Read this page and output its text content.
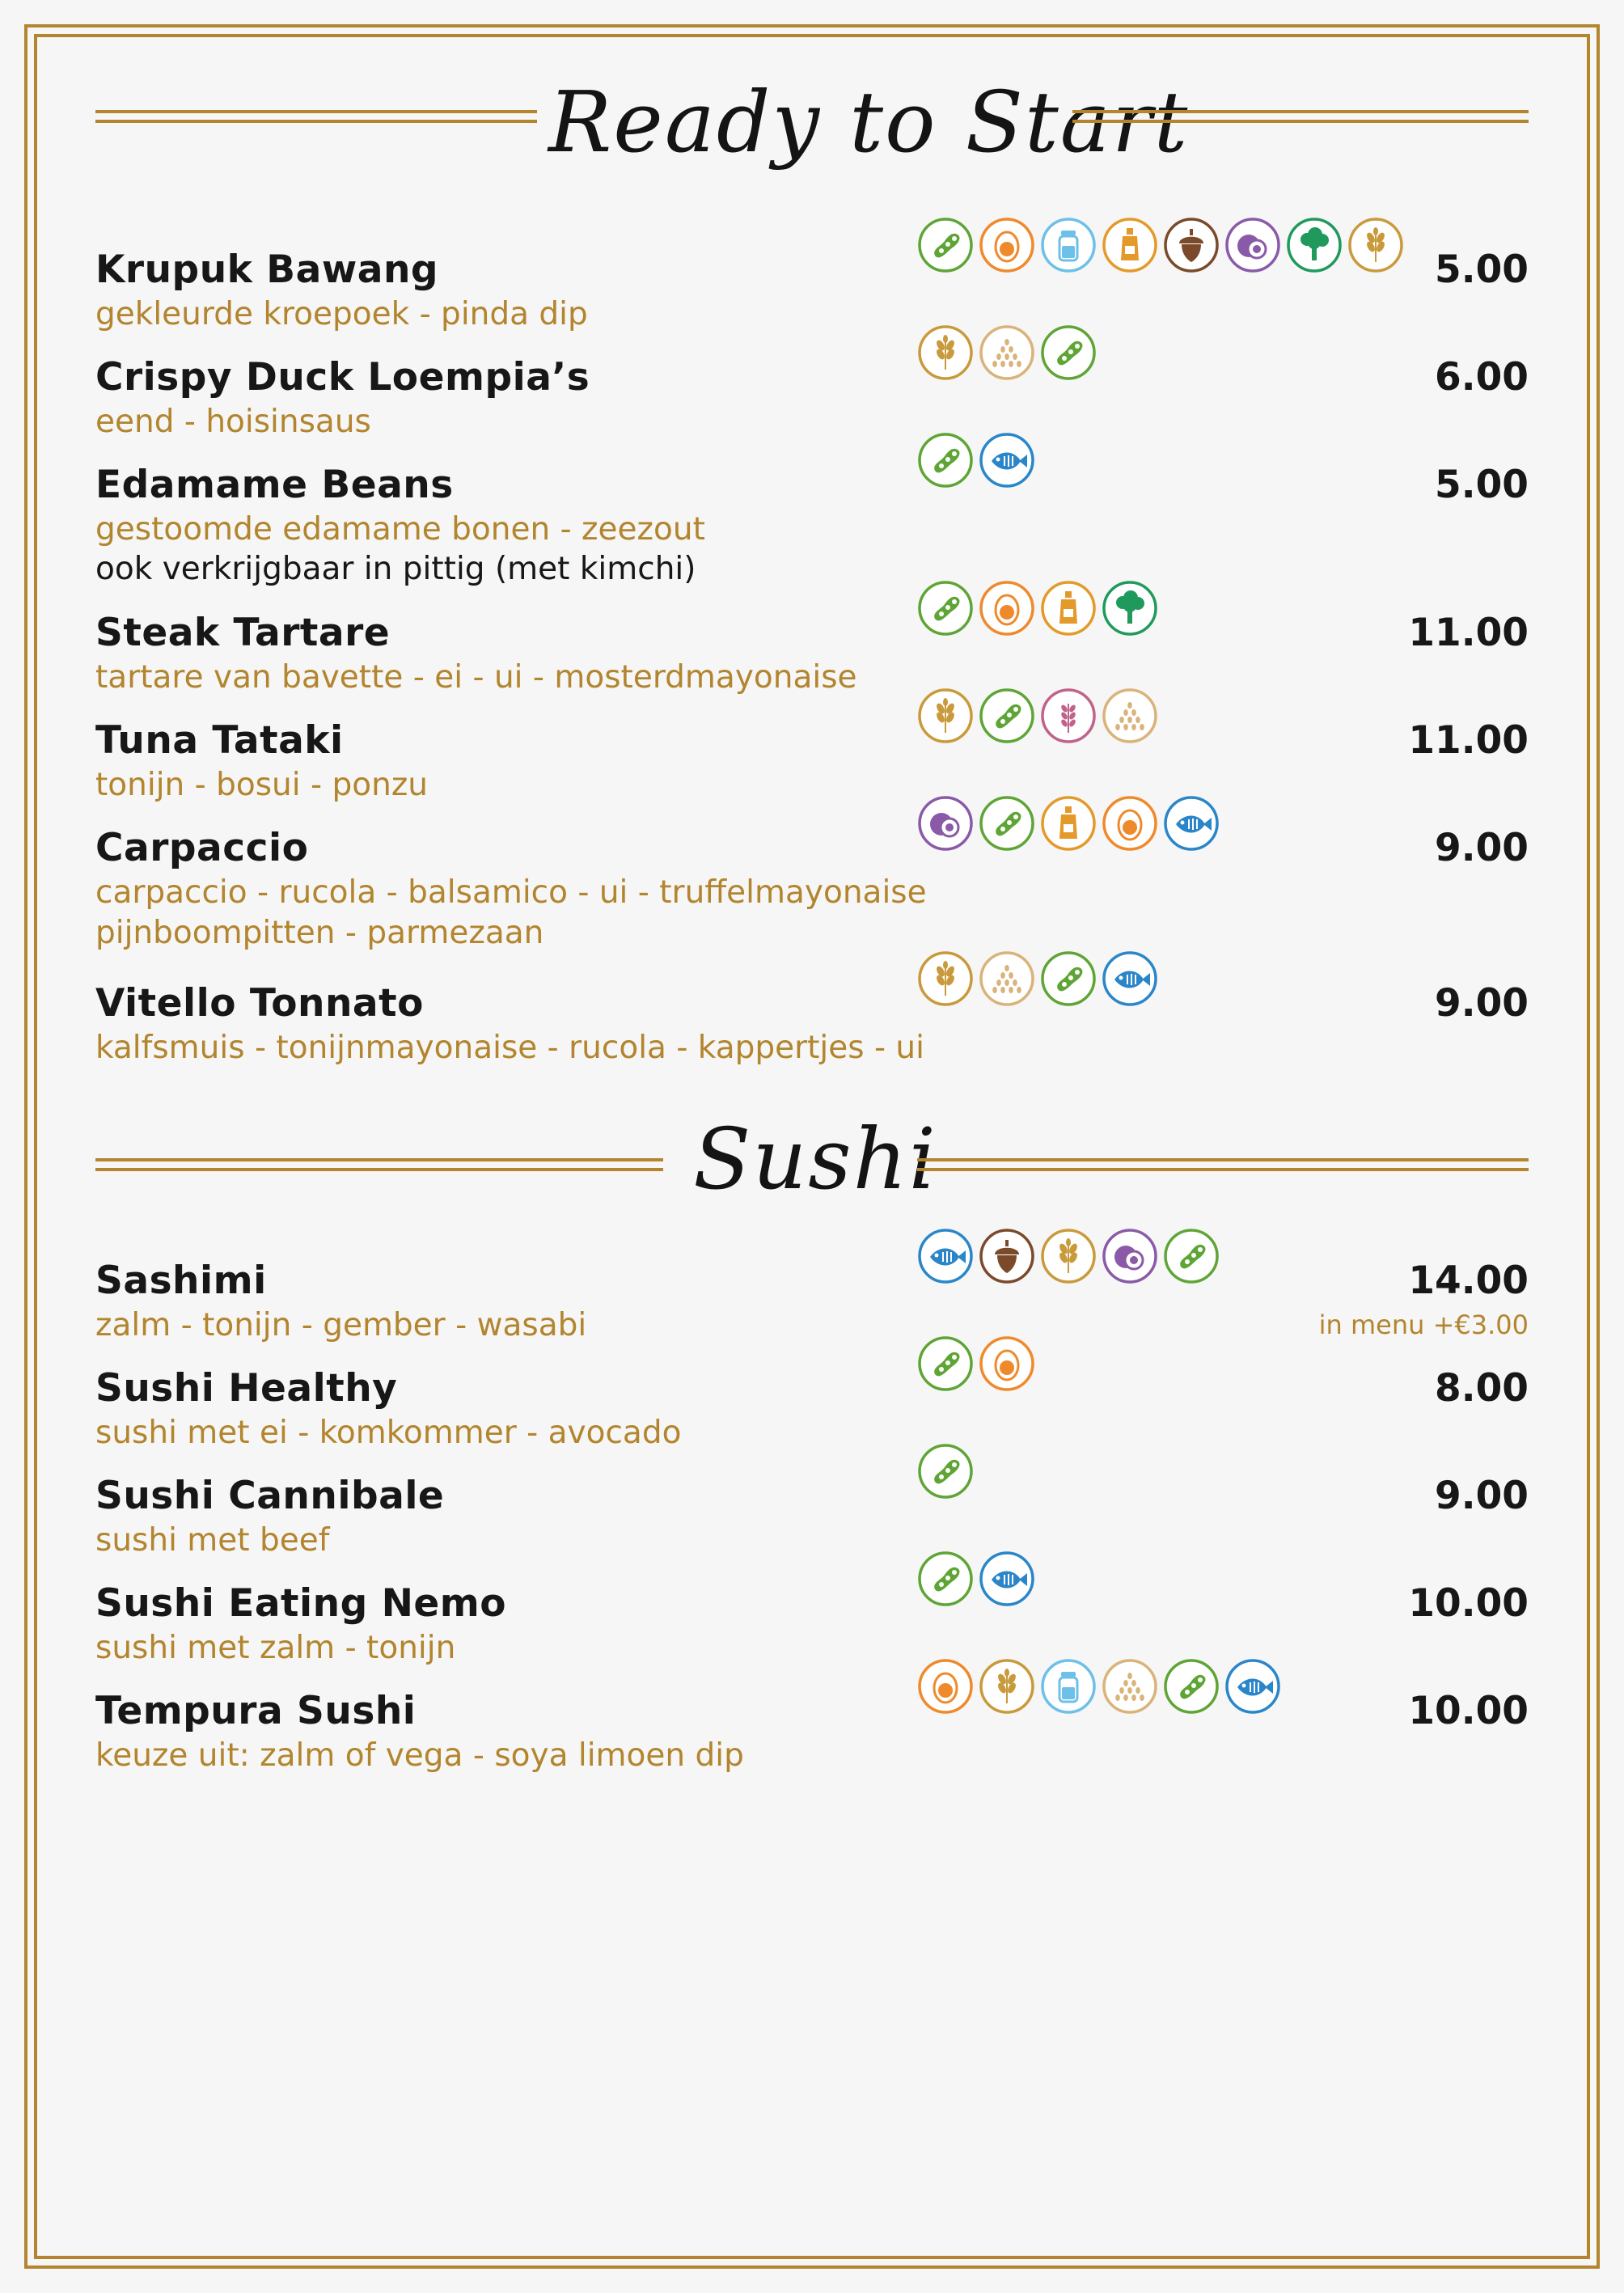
Ready to Start
Krupuk Bawang
gekleurde kroepoek - pinda dip
5.00
Crispy Duck Loempia’s
eend - hoisinsaus
6.00
Edamame Beans
gestoomde edamame bonen - zeezout
ook verkrijgbaar in pittig (met kimchi)
5.00
Steak Tartare
tartare van bavette - ei - ui - mosterdmayonaise
11.00
Tuna Tataki
tonijn - bosui - ponzu
11.00
Carpaccio
carpaccio - rucola - balsamico - ui - truffelmayonaise
pijnboompitten - parmezaan
9.00
Vitello Tonnato
kalfsmuis - tonijnmayonaise - rucola - kappertjes - ui
9.00
Sushi
Sashimi
zalm - tonijn - gember - wasabi
14.00
in menu +€3.00
Sushi Healthy
sushi met ei - komkommer - avocado
8.00
Sushi Cannibale
sushi met beef
9.00
Sushi Eating Nemo
sushi met zalm - tonijn
10.00
Tempura Sushi
keuze uit: zalm of vega - soya limoen dip
10.00
